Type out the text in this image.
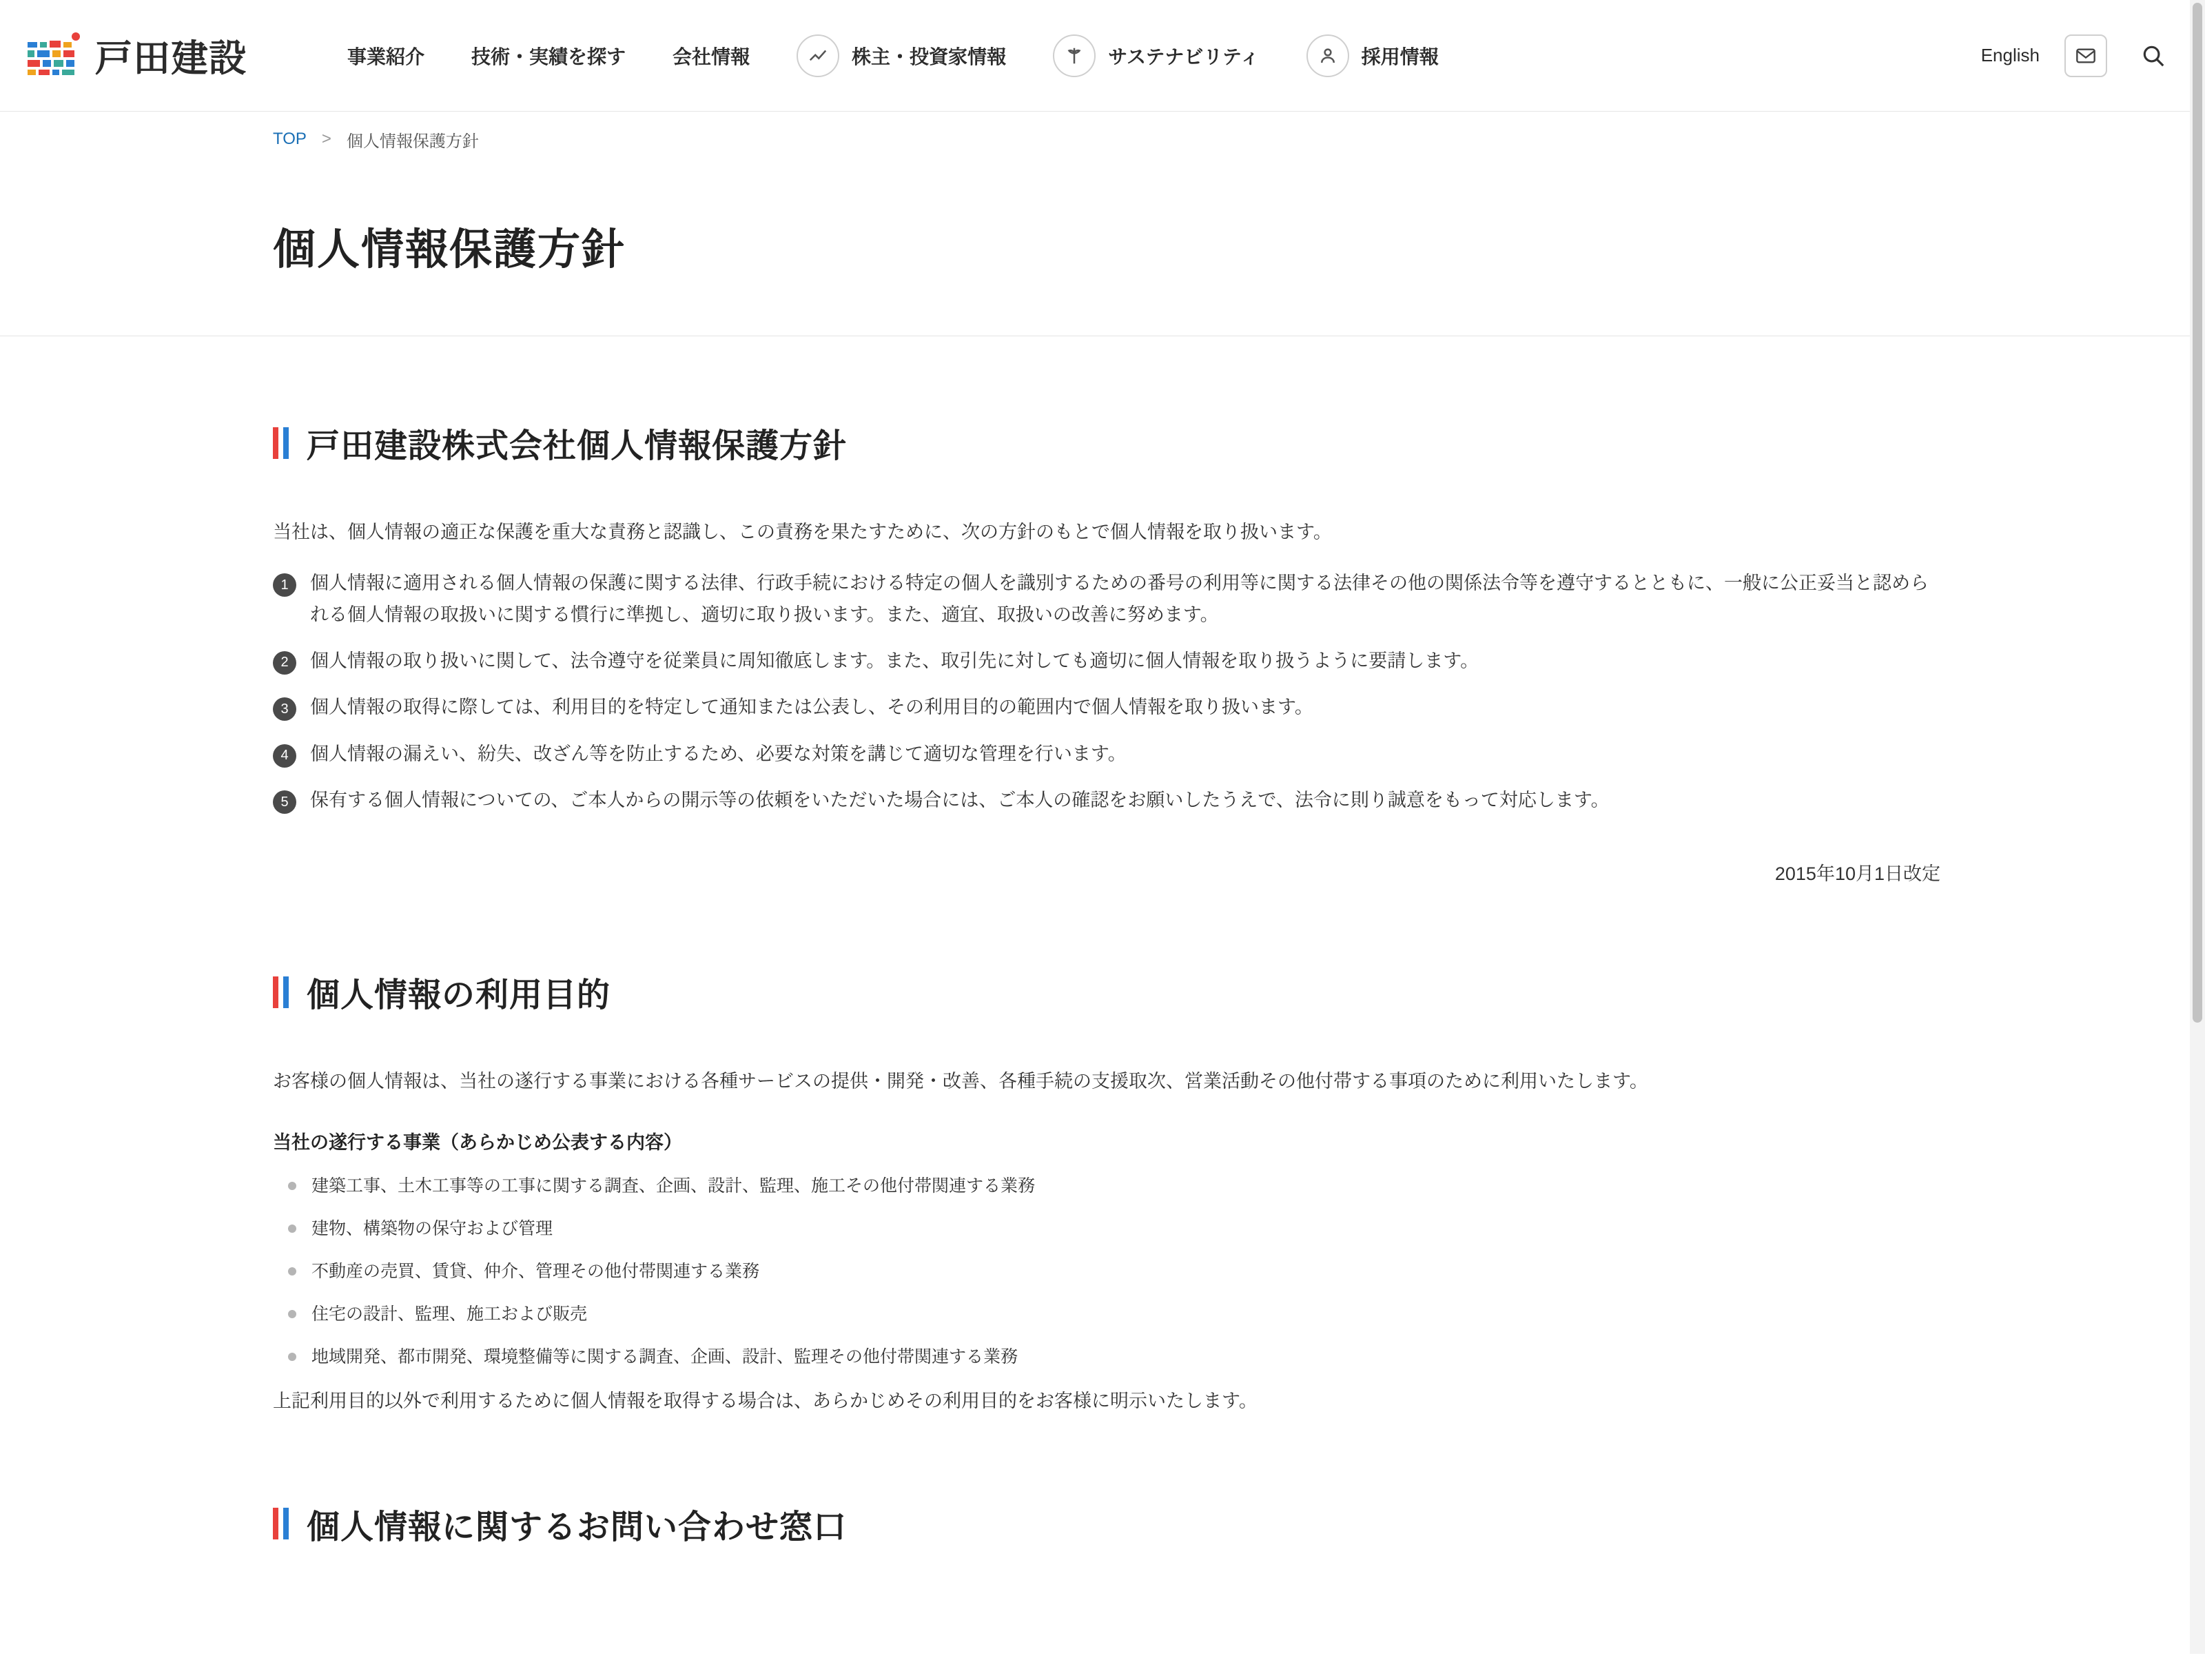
戸田建設	事業紹介 技術・実績を探す 会社情報	株主・投資家情報	サステナビリティ	採用情報	English
TOP > 個人情報保護方針
個人情報保護方針
戸田建設株式会社個人情報保護方針

当社は、個人情報の適正な保護を重大な責務と認識し、この責務を果たすために、次の方針のもとで個人情報を取り扱います。

1	個人情報に適用される個人情報の保護に関する法律、行政手続における特定の個人を識別するための番号の利用等に関する法律その他の関係法令等を遵守するとともに、一般に公正妥当と認められる個人情報の取扱いに関する慣行に準拠し、適切に取り扱います。また、適宜、取扱いの改善に努めます。
2	個人情報の取り扱いに関して、法令遵守を従業員に周知徹底します。また、取引先に対しても適切に個人情報を取り扱うように要請します。
3	個人情報の取得に際しては、利用目的を特定して通知または公表し、その利用目的の範囲内で個人情報を取り扱います。
4	個人情報の漏えい、紛失、改ざん等を防止するため、必要な対策を講じて適切な管理を行います。
5	保有する個人情報についての、ご本人からの開示等の依頼をいただいた場合には、ご本人の確認をお願いしたうえで、法令に則り誠意をもって対応します。
2015年10月1日改定
個人情報の利用目的

お客様の個人情報は、当社の遂行する事業における各種サービスの提供・開発・改善、各種手続の支援取次、営業活動その他付帯する事項のために利用いたします。

当社の遂行する事業（あらかじめ公表する内容）
建築工事、土木工事等の工事に関する調査、企画、設計、監理、施工その他付帯関連する業務
建物、構築物の保守および管理
不動産の売買、賃貸、仲介、管理その他付帯関連する業務
住宅の設計、監理、施工および販売
地域開発、都市開発、環境整備等に関する調査、企画、設計、監理その他付帯関連する業務

上記利用目的以外で利用するために個人情報を取得する場合は、あらかじめその利用目的をお客様に明示いたします。

個人情報に関するお問い合わせ窓口
